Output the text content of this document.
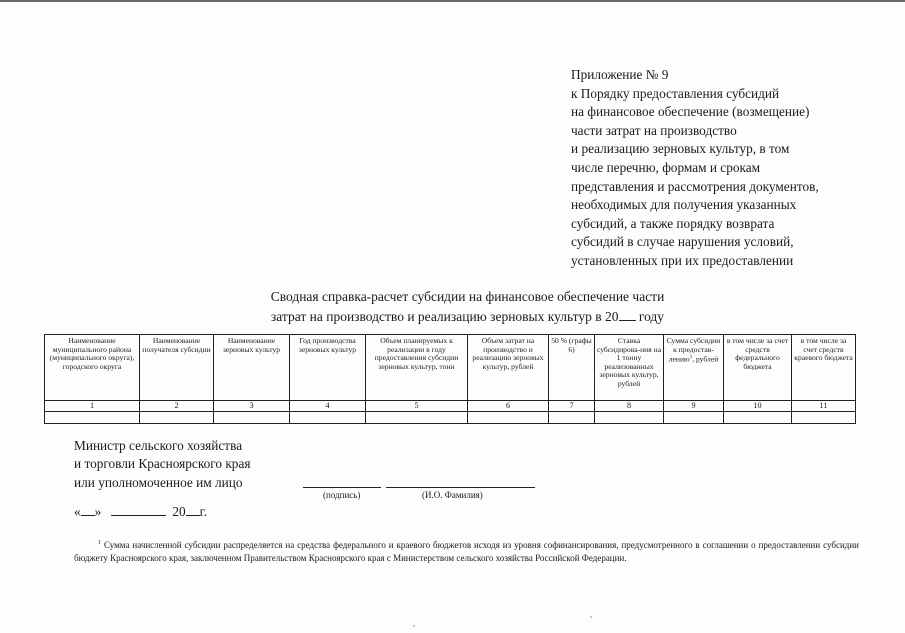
Приложение № 9
к Порядку предоставления субсидий
на финансовое обеспечение (возмещение)
части затрат на производство
и реализацию зерновых культур, в том
числе перечню, формам и срокам
представления и рассмотрения документов,
необходимых для получения указанных
субсидий, а также порядку возврата
субсидий в случае нарушения условий,
установленных при их предоставлении
Сводная справка-расчет субсидии на финансовое обеспечение части
затрат на производство и реализацию зерновых культур в 20 году
Наименование муниципального района (муниципального округа), городского округа	Наименование получателя субсидии	Наименование зерновых культур	Год производства зерновых культур	Объем планируемых к реализации в году предоставления субсидии зерновых культур, тонн	Объем затрат на производство и реализацию зерновых культур, рублей	50 % (графы 6)	Ставка субсидирова-ния на 1 тонну реализованных зерновых культур, рублей	Сумма субсидии к предостав-лению$^1$, рублей	в том числе за счет средств федерального бюджета	в том числе за счет средств краевого бюджета
1	2	3	4	5	6	7	8	9	10	11

Министр сельского хозяйства
и торговли Красноярского края
или уполномоченное им лицо
(подпись)	(И.О. Фамилия)
« »	20 г.
$^1$ Сумма начисленной субсидии распределяется на средства федерального и краевого бюджетов исходя из уровня софинансирования, предусмотренного в соглашении о предоставлении субсидии бюджету Красноярского края, заключенном Правительством Красноярского края с Министерством сельского хозяйства Российской Федерации.
